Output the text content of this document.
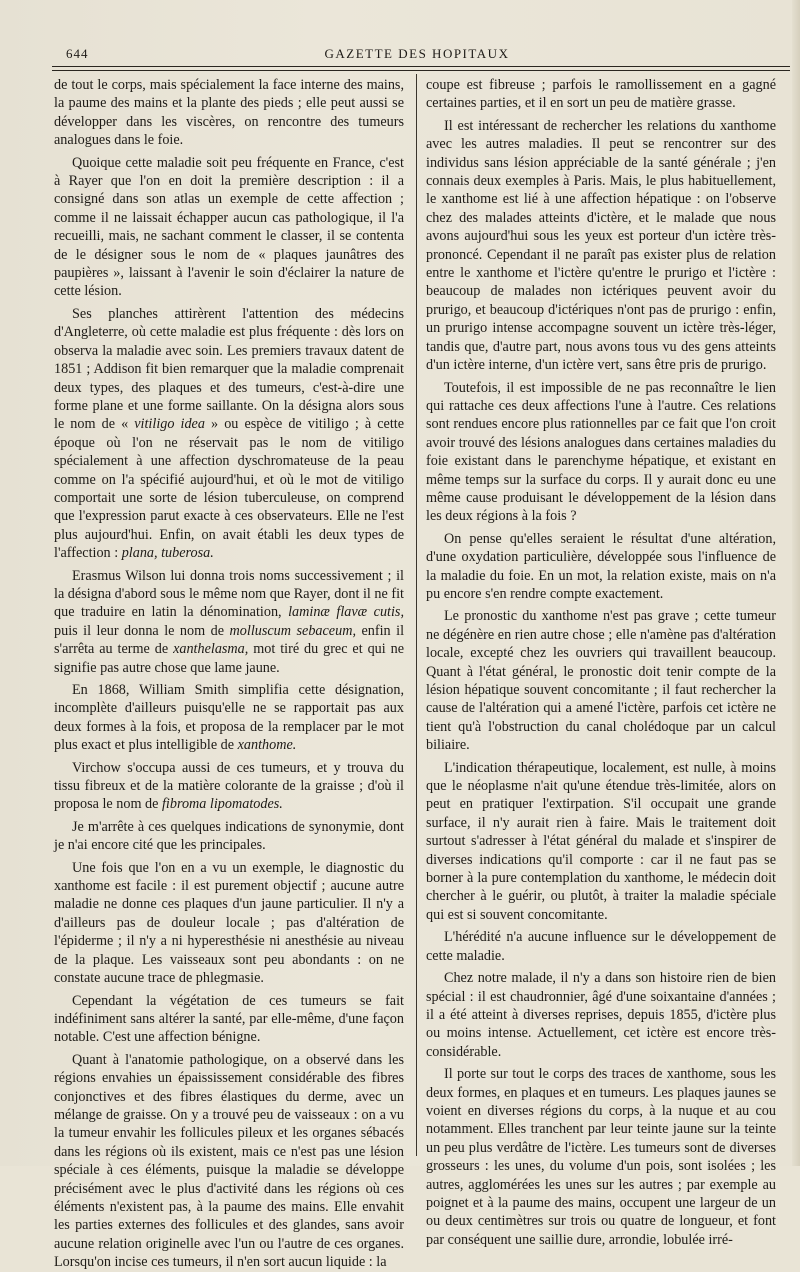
644	GAZETTE DES HOPITAUX

de tout le corps, mais spécialement la face interne des mains, la paume des mains et la plante des pieds ; elle peut aussi se développer dans les viscères, on rencontre des tumeurs analogues dans le foie.

Quoique cette maladie soit peu fréquente en France, c'est à Rayer que l'on en doit la première description : il a consigné dans son atlas un exemple de cette affection ; comme il ne laissait échapper aucun cas pathologique, il l'a recueilli, mais, ne sachant comment le classer, il se contenta de le désigner sous le nom de « plaques jaunâtres des paupières », laissant à l'avenir le soin d'éclairer la nature de cette lésion.

Ses planches attirèrent l'attention des médecins d'Angleterre, où cette maladie est plus fréquente : dès lors on observa la maladie avec soin. Les premiers travaux datent de 1851 ; Addison fit bien remarquer que la maladie comprenait deux types, des plaques et des tumeurs, c'est-à-dire une forme plane et une forme saillante. On la désigna alors sous le nom de « vitiligo idea » ou espèce de vitiligo ; à cette époque où l'on ne réservait pas le nom de vitiligo spécialement à une affection dyschromateuse de la peau comme on l'a spécifié aujourd'hui, et où le mot de vitiligo comportait une sorte de lésion tuberculeuse, on comprend que l'expression parut exacte à ces observateurs. Elle ne l'est plus aujourd'hui. Enfin, on avait établi les deux types de l'affection : plana, tuberosa.

Erasmus Wilson lui donna trois noms successivement ; il la désigna d'abord sous le même nom que Rayer, dont il ne fit que traduire en latin la dénomination, laminæ flavæ cutis, puis il leur donna le nom de molluscum sebaceum, enfin il s'arrêta au terme de xanthelasma, mot tiré du grec et qui ne signifie pas autre chose que lame jaune.

En 1868, William Smith simplifia cette désignation, incomplète d'ailleurs puisqu'elle ne se rapportait pas aux deux formes à la fois, et proposa de la remplacer par le mot plus exact et plus intelligible de xanthome.

Virchow s'occupa aussi de ces tumeurs, et y trouva du tissu fibreux et de la matière colorante de la graisse ; d'où il proposa le nom de fibroma lipomatodes.

Je m'arrête à ces quelques indications de synonymie, dont je n'ai encore cité que les principales.

Une fois que l'on en a vu un exemple, le diagnostic du xanthome est facile : il est purement objectif ; aucune autre maladie ne donne ces plaques d'un jaune particulier. Il n'y a d'ailleurs pas de douleur locale ; pas d'altération de l'épiderme ; il n'y a ni hyperesthésie ni anesthésie au niveau de la plaque. Les vaisseaux sont peu abondants : on ne constate aucune trace de phlegmasie.

Cependant la végétation de ces tumeurs se fait indéfiniment sans altérer la santé, par elle-même, d'une façon notable. C'est une affection bénigne.

Quant à l'anatomie pathologique, on a observé dans les régions envahies un épaississement considérable des fibres conjonctives et des fibres élastiques du derme, avec un mélange de graisse. On y a trouvé peu de vaisseaux : on a vu la tumeur envahir les follicules pileux et les organes sébacés dans les régions où ils existent, mais ce n'est pas une lésion spéciale à ces éléments, puisque la maladie se développe précisément avec le plus d'activité dans les régions où ces éléments n'existent pas, à la paume des mains. Elle envahit les parties externes des follicules et des glandes, sans avoir aucune relation originelle avec l'un ou l'autre de ces organes. Lorsqu'on incise ces tumeurs, il n'en sort aucun liquide : la

coupe est fibreuse ; parfois le ramollissement en a gagné certaines parties, et il en sort un peu de matière grasse.

Il est intéressant de rechercher les relations du xanthome avec les autres maladies. Il peut se rencontrer sur des individus sans lésion appréciable de la santé générale ; j'en connais deux exemples à Paris. Mais, le plus habituellement, le xanthome est lié à une affection hépatique : on l'observe chez des malades atteints d'ictère, et le malade que nous avons aujourd'hui sous les yeux est porteur d'un ictère très-prononcé. Cependant il ne paraît pas exister plus de relation entre le xanthome et l'ictère qu'entre le prurigo et l'ictère : beaucoup de malades non ictériques peuvent avoir du prurigo, et beaucoup d'ictériques n'ont pas de prurigo : enfin, un prurigo intense accompagne souvent un ictère très-léger, tandis que, d'autre part, nous avons tous vu des gens atteints d'un ictère interne, d'un ictère vert, sans être pris de prurigo.

Toutefois, il est impossible de ne pas reconnaître le lien qui rattache ces deux affections l'une à l'autre. Ces relations sont rendues encore plus rationnelles par ce fait que l'on croit avoir trouvé des lésions analogues dans certaines maladies du foie existant dans le parenchyme hépatique, et existant en même temps sur la surface du corps. Il y aurait donc eu une même cause produisant le développement de la lésion dans les deux régions à la fois ?

On pense qu'elles seraient le résultat d'une altération, d'une oxydation particulière, développée sous l'influence de la maladie du foie. En un mot, la relation existe, mais on n'a pu encore s'en rendre compte exactement.

Le pronostic du xanthome n'est pas grave ; cette tumeur ne dégénère en rien autre chose ; elle n'amène pas d'altération locale, excepté chez les ouvriers qui travaillent beaucoup. Quant à l'état général, le pronostic doit tenir compte de la lésion hépatique souvent concomitante ; il faut rechercher la cause de l'altération qui a amené l'ictère, parfois cet ictère ne tient qu'à l'obstruction du canal cholédoque par un calcul biliaire.

L'indication thérapeutique, localement, est nulle, à moins que le néoplasme n'ait qu'une étendue très-limitée, alors on peut en pratiquer l'extirpation. S'il occupait une grande surface, il n'y aurait rien à faire. Mais le traitement doit surtout s'adresser à l'état général du malade et s'inspirer de diverses indications qu'il comporte : car il ne faut pas se borner à la pure contemplation du xanthome, le médecin doit chercher à le guérir, ou plutôt, à traiter la maladie spéciale qui est si souvent concomitante.

L'hérédité n'a aucune influence sur le développement de cette maladie.

Chez notre malade, il n'y a dans son histoire rien de bien spécial : il est chaudronnier, âgé d'une soixantaine d'années ; il a été atteint à diverses reprises, depuis 1855, d'ictère plus ou moins intense. Actuellement, cet ictère est encore très-considérable.

Il porte sur tout le corps des traces de xanthome, sous les deux formes, en plaques et en tumeurs. Les plaques jaunes se voient en diverses régions du corps, à la nuque et au cou notamment. Elles tranchent par leur teinte jaune sur la teinte un peu plus verdâtre de l'ictère. Les tumeurs sont de diverses grosseurs : les unes, du volume d'un pois, sont isolées ; les autres, agglomérées les unes sur les autres ; par exemple au poignet et à la paume des mains, occupent une largeur de un ou deux centimètres sur trois ou quatre de longueur, et font par conséquent une saillie dure, arrondie, lobulée irré-
